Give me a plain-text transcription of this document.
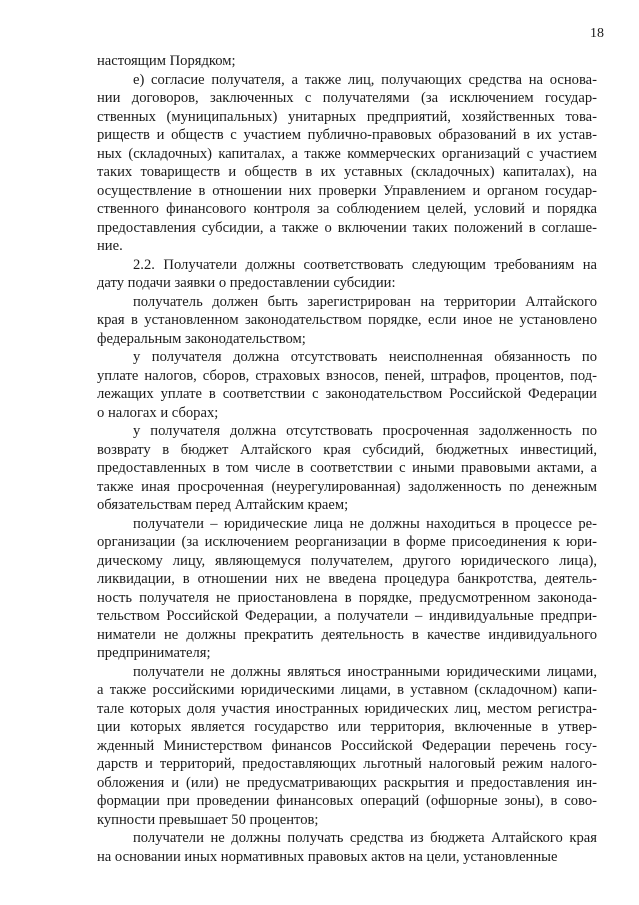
18
настоящим Порядком;
е) согласие получателя, а также лиц, получающих средства на основа-
нии договоров, заключенных с получателями (за исключением государ-
ственных (муниципальных) унитарных предприятий, хозяйственных това-
риществ и обществ с участием публично-правовых образований в их устав-
ных (складочных) капиталах, а также коммерческих организаций с участием
таких товариществ и обществ в их уставных (складочных) капиталах), на
осуществление в отношении них проверки Управлением и органом государ-
ственного финансового контроля за соблюдением целей, условий и порядка
предоставления субсидии, а также о включении таких положений в соглаше-
ние.
2.2. Получатели должны соответствовать следующим требованиям на
дату подачи заявки о предоставлении субсидии:
получатель должен быть зарегистрирован на территории Алтайского
края в установленном законодательством порядке, если иное не установлено
федеральным законодательством;
у получателя должна отсутствовать неисполненная обязанность по
уплате налогов, сборов, страховых взносов, пеней, штрафов, процентов, под-
лежащих уплате в соответствии с законодательством Российской Федерации
о налогах и сборах;
у получателя должна отсутствовать просроченная задолженность по
возврату в бюджет Алтайского края субсидий, бюджетных инвестиций,
предоставленных в том числе в соответствии с иными правовыми актами, а
также иная просроченная (неурегулированная) задолженность по денежным
обязательствам перед Алтайским краем;
получатели – юридические лица не должны находиться в процессе ре-
организации (за исключением реорганизации в форме присоединения к юри-
дическому лицу, являющемуся получателем, другого юридического лица),
ликвидации, в отношении них не введена процедура банкротства, деятель-
ность получателя не приостановлена в порядке, предусмотренном законода-
тельством Российской Федерации, а получатели – индивидуальные предпри-
ниматели не должны прекратить деятельность в качестве индивидуального
предпринимателя;
получатели не должны являться иностранными юридическими лицами,
а также российскими юридическими лицами, в уставном (складочном) капи-
тале которых доля участия иностранных юридических лиц, местом регистра-
ции которых является государство или территория, включенные в утвер-
жденный Министерством финансов Российской Федерации перечень госу-
дарств и территорий, предоставляющих льготный налоговый режим налого-
обложения и (или) не предусматривающих раскрытия и предоставления ин-
формации при проведении финансовых операций (офшорные зоны), в сово-
купности превышает 50 процентов;
получатели не должны получать средства из бюджета Алтайского края
на основании иных нормативных правовых актов на цели, установленные
